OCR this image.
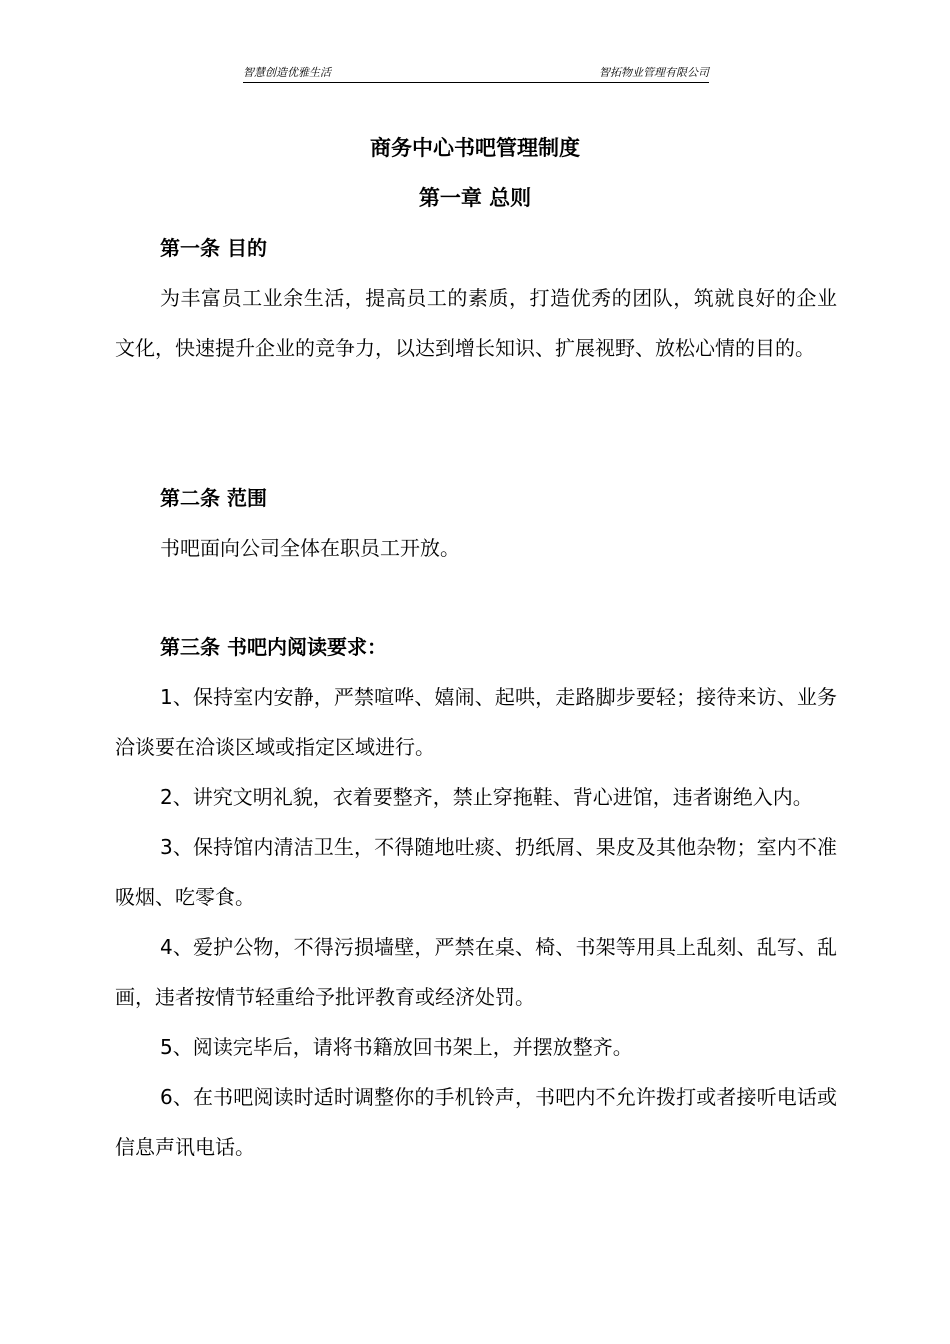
智慧创造优雅生活	智拓物业管理有限公司
商务中心书吧管理制度
第一章 总则
第一条 目的
为丰富员工业余生活，提高员工的素质，打造优秀的团队，筑就良好的企业文化，快速提升企业的竞争力，以达到增长知识、扩展视野、放松心情的目的。
第二条 范围
书吧面向公司全体在职员工开放。
第三条 书吧内阅读要求：
1、保持室内安静，严禁喧哗、嬉闹、起哄，走路脚步要轻；接待来访、业务洽谈要在洽谈区域或指定区域进行。
2、讲究文明礼貌，衣着要整齐，禁止穿拖鞋、背心进馆，违者谢绝入内。
3、保持馆内清洁卫生，不得随地吐痰、扔纸屑、果皮及其他杂物；室内不准吸烟、吃零食。
4、爱护公物，不得污损墙壁，严禁在桌、椅、书架等用具上乱刻、乱写、乱画，违者按情节轻重给予批评教育或经济处罚。
5、阅读完毕后，请将书籍放回书架上，并摆放整齐。
6、在书吧阅读时适时调整你的手机铃声，书吧内不允许拨打或者接听电话或信息声讯电话。
